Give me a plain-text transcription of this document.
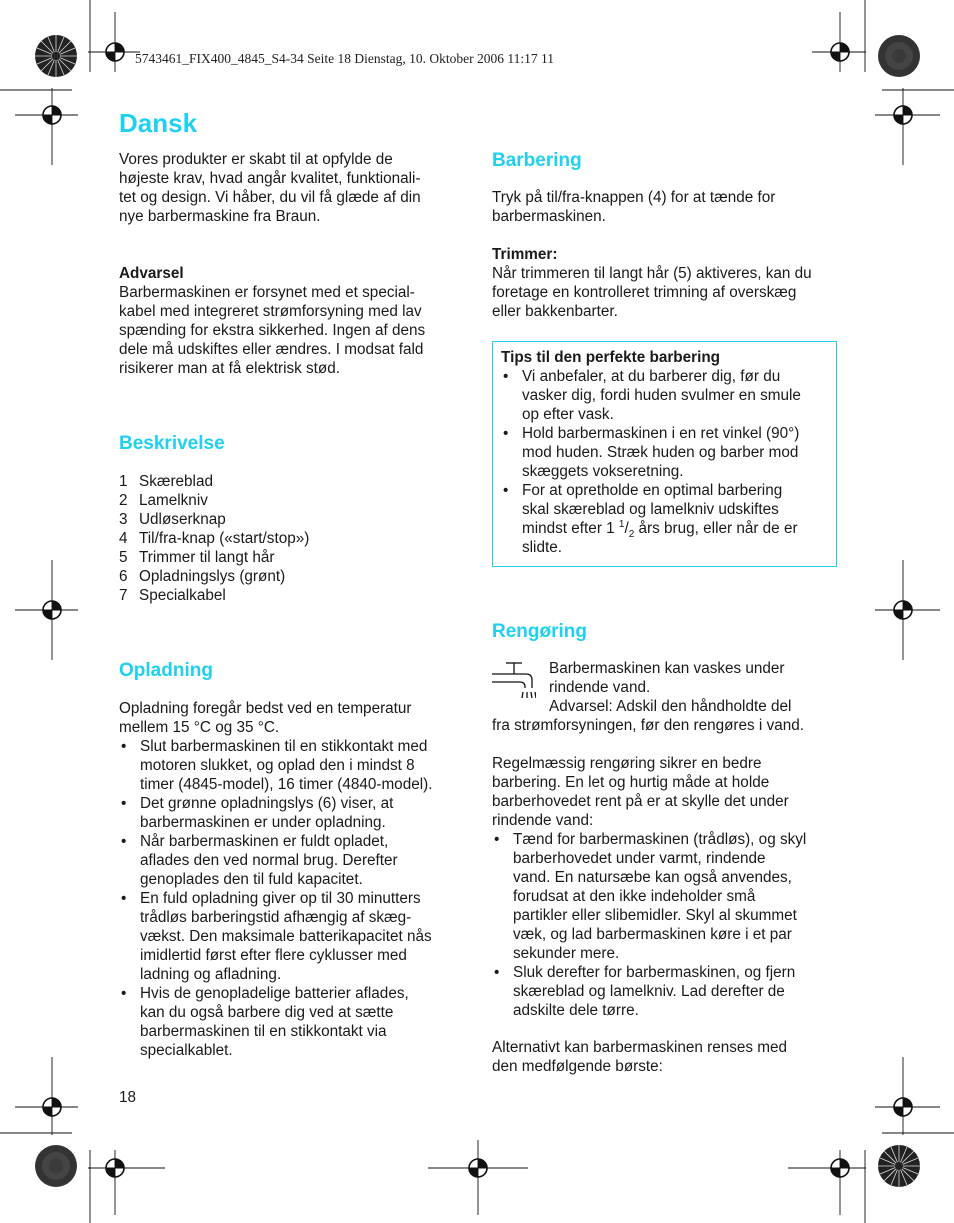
5743461_FIX400_4845_S4-34 Seite 18 Dienstag, 10. Oktober 2006 11:17 11
Dansk
Vores produkter er skabt til at opfylde de
højeste krav, hvad angår kvalitet, funktionali-
tet og design. Vi håber, du vil få glæde af din
nye barbermaskine fra Braun.
Advarsel
Barbermaskinen er forsynet med et special-
kabel med integreret strømforsyning med lav
spænding for ekstra sikkerhed. Ingen af dens
dele må udskiftes eller ændres. I modsat fald
risikerer man at få elektrisk stød.
Beskrivelse
1 Skæreblad
2 Lamelkniv
3 Udløserknap
4 Til/fra-knap («start/stop»)
5 Trimmer til langt hår
6 Opladningslys (grønt)
7 Specialkabel
Opladning
Opladning foregår bedst ved en temperatur
mellem 15 °C og 35 °C.
• Slut barbermaskinen til en stikkontakt med
motoren slukket, og oplad den i mindst 8
timer (4845-model), 16 timer (4840-model).
• Det grønne opladningslys (6) viser, at
barbermaskinen er under opladning.
• Når barbermaskinen er fuldt opladet,
aflades den ved normal brug. Derefter
genoplades den til fuld kapacitet.
• En fuld opladning giver op til 30 minutters
trådløs barberingstid afhængig af skæg-
vækst. Den maksimale batterikapacitet nås
imidlertid først efter flere cyklusser med
ladning og afladning.
• Hvis de genopladelige batterier aflades,
kan du også barbere dig ved at sætte
barbermaskinen til en stikkontakt via
specialkablet.
18
Barbering
Tryk på til/fra-knappen (4) for at tænde for
barbermaskinen.
Trimmer:
Når trimmeren til langt hår (5) aktiveres, kan du
foretage en kontrolleret trimning af overskæg
eller bakkenbarter.
Tips til den perfekte barbering
• Vi anbefaler, at du barberer dig, før du
vasker dig, fordi huden svulmer en smule
op efter vask.
• Hold barbermaskinen i en ret vinkel (90°)
mod huden. Stræk huden og barber mod
skæggets vokseretning.
• For at opretholde en optimal barbering
skal skæreblad og lamelkniv udskiftes
mindst efter 1 $^1/_2$ års brug, eller når de er
slidte.
Rengøring
Barbermaskinen kan vaskes under
rindende vand.
Advarsel: Adskil den håndholdte del
fra strømforsyningen, før den rengøres i vand.
Regelmæssig rengøring sikrer en bedre
barbering. En let og hurtig måde at holde
barberhovedet rent på er at skylle det under
rindende vand:
• Tænd for barbermaskinen (trådløs), og skyl
barberhovedet under varmt, rindende
vand. En natursæbe kan også anvendes,
forudsat at den ikke indeholder små
partikler eller slibemidler. Skyl al skummet
væk, og lad barbermaskinen køre i et par
sekunder mere.
• Sluk derefter for barbermaskinen, og fjern
skæreblad og lamelkniv. Lad derefter de
adskilte dele tørre.
Alternativt kan barbermaskinen renses med
den medfølgende børste:
